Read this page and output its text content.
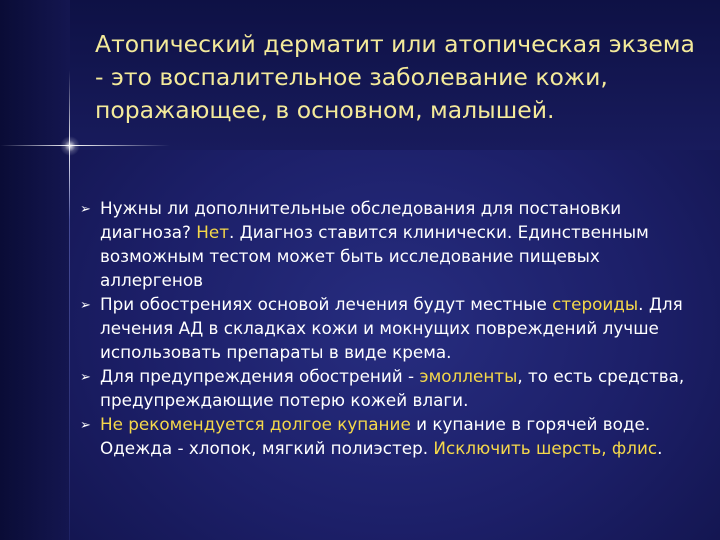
Атопический дерматит или атопическая экзема - это воспалительное заболевание кожи, поражающее, в основном, малышей.
➢ Нужны ли дополнительные обследования для постановки диагноза? Нет. Диагноз ставится клинически. Единственным возможным тестом может быть исследование пищевых аллергенов
➢ При обострениях основой лечения будут местные стероиды. Для лечения АД в складках кожи и мокнущих повреждений лучше использовать препараты в виде крема.
➢ Для предупреждения обострений - эмолленты, то есть средства, предупреждающие потерю кожей влаги.
➢ Не рекомендуется долгое купание и купание в горячей воде. Одежда - хлопок, мягкий полиэстер. Исключить шерсть, флис.
